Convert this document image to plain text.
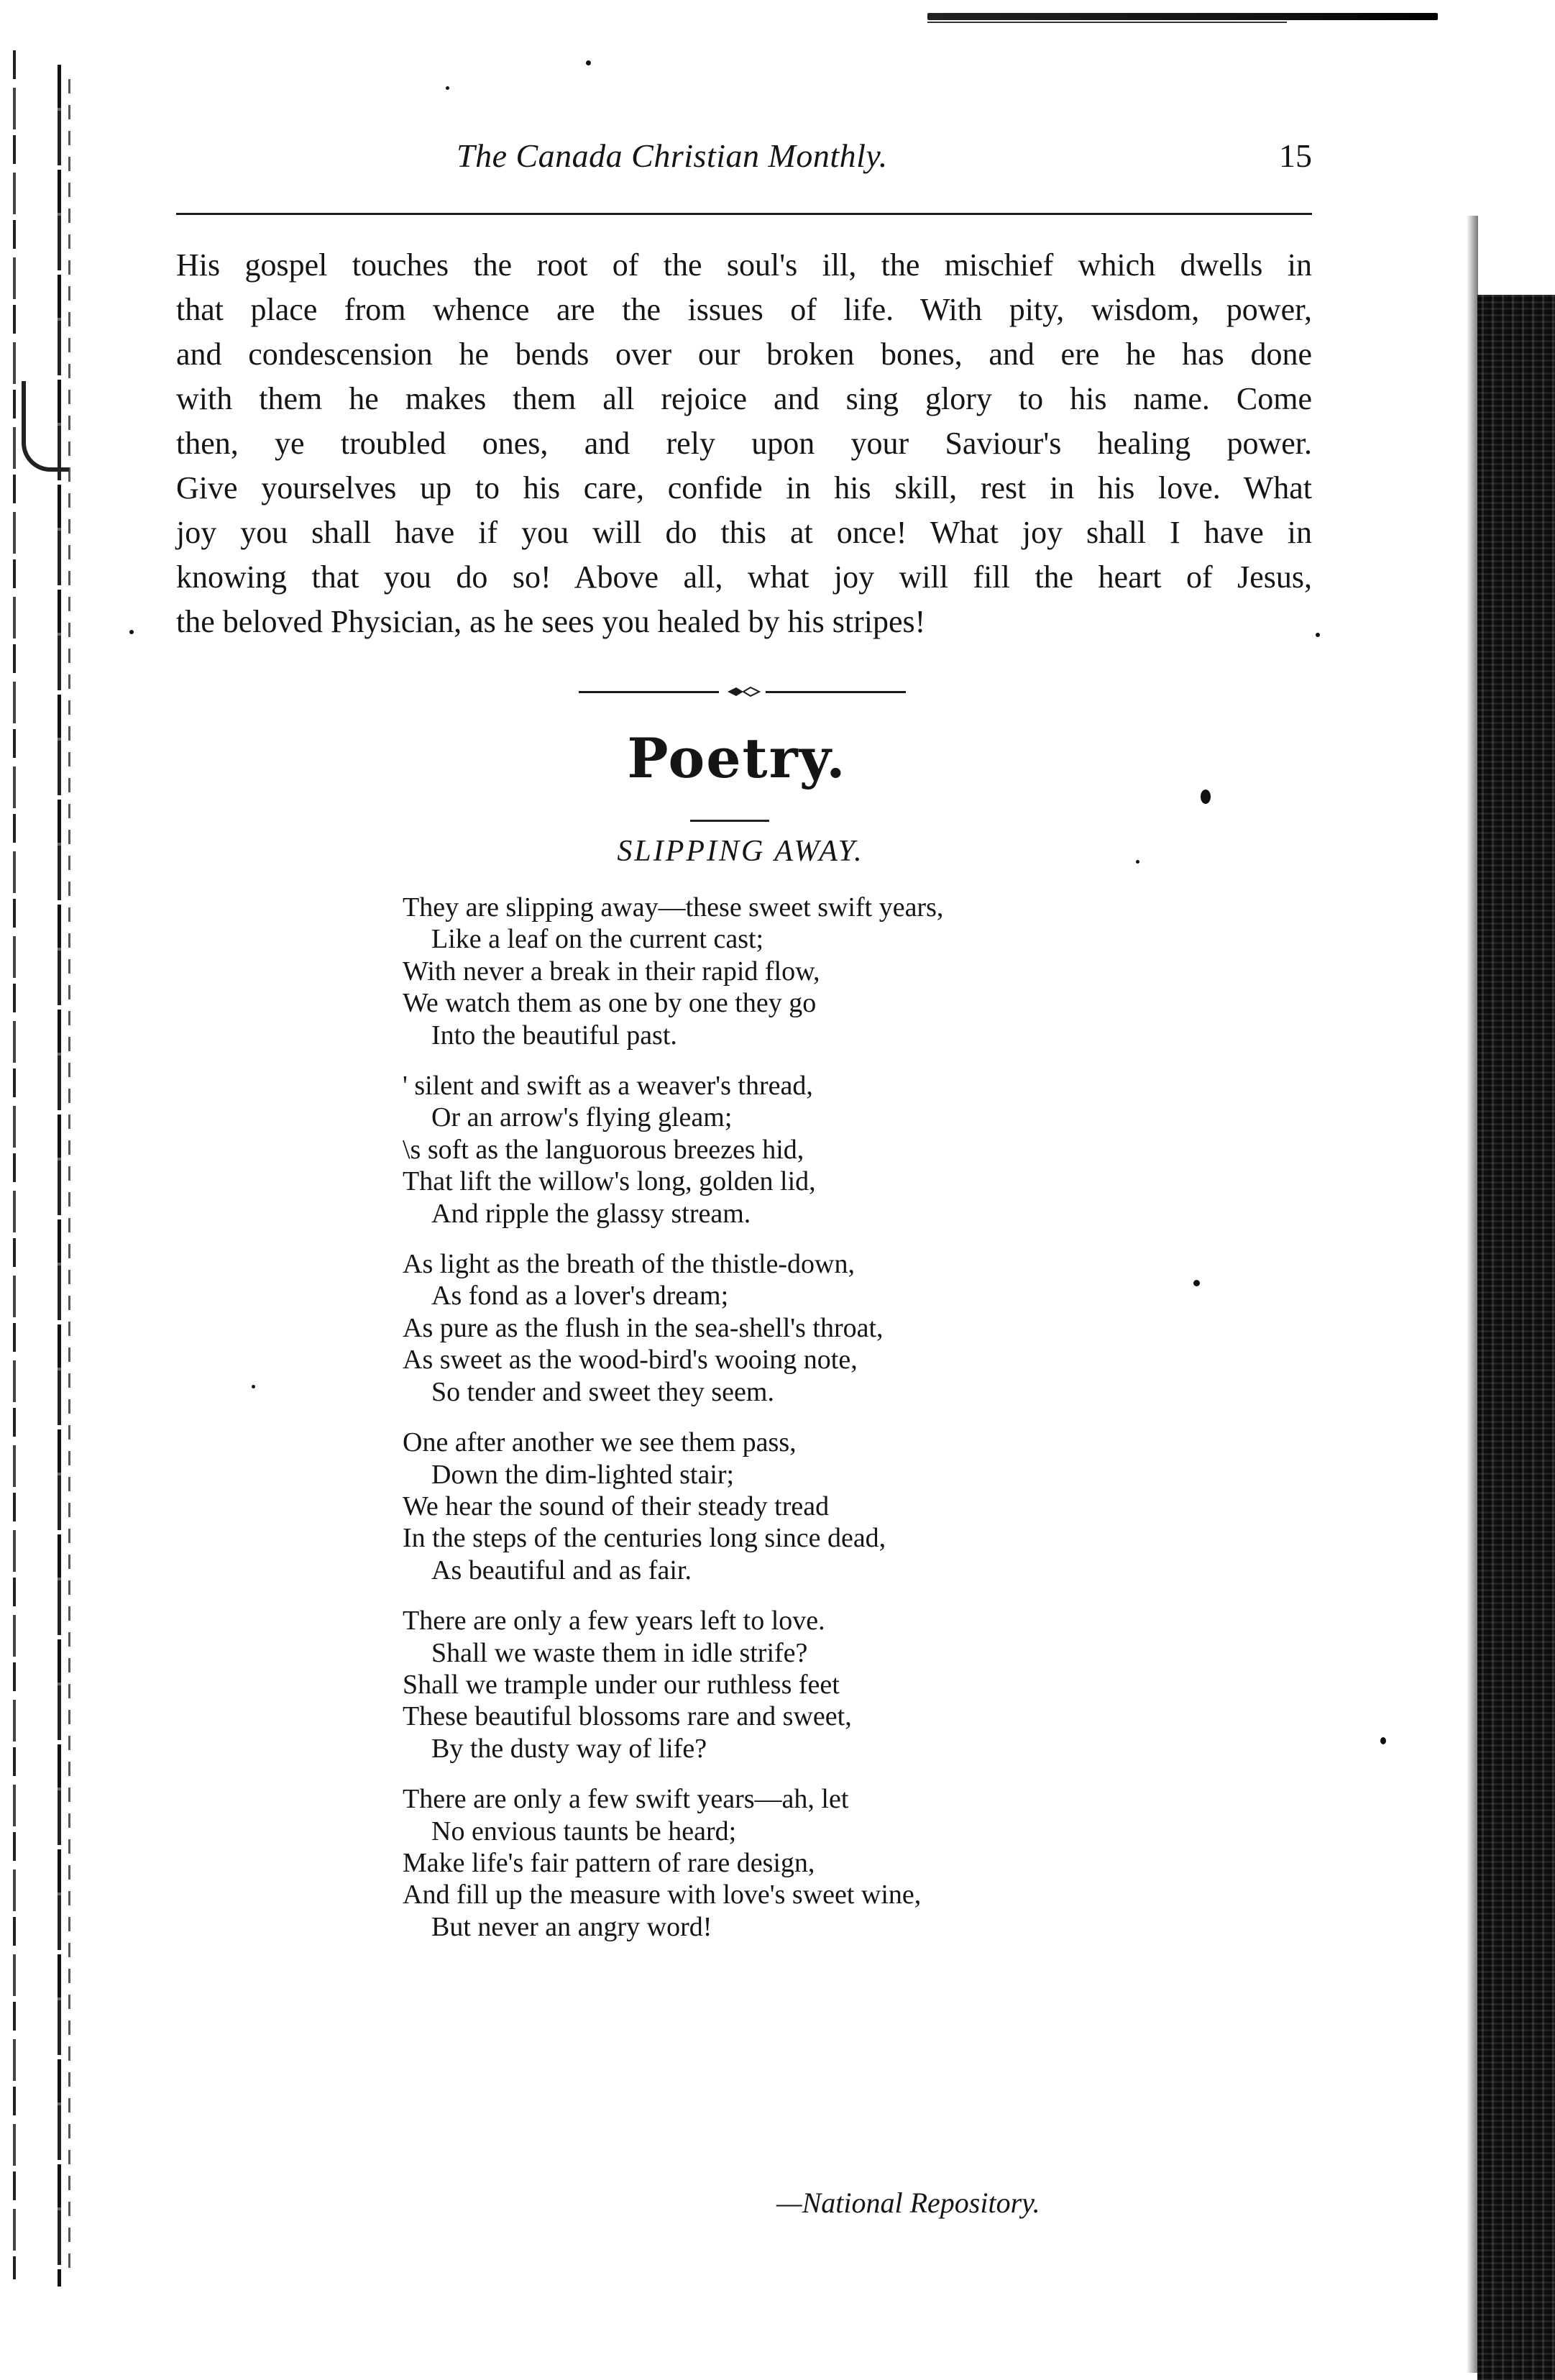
The Canada Christian Monthly.	15

His gospel touches the root of the soul's ill, the mischief which dwells in
that place from whence are the issues of life. With pity, wisdom, power,
and condescension he bends over our broken bones, and ere he has done
with them he makes them all rejoice and sing glory to his name. Come
then, ye troubled ones, and rely upon your Saviour's healing power.
Give yourselves up to his care, confide in his skill, rest in his love. What
joy you shall have if you will do this at once! What joy shall I have in
knowing that you do so! Above all, what joy will fill the heart of Jesus,
the beloved Physician, as he sees you healed by his stripes!

Poetry.
SLIPPING AWAY.
They are slipping away—these sweet swift years,
Like a leaf on the current cast;
With never a break in their rapid flow,
We watch them as one by one they go
Into the beautiful past.
' silent and swift as a weaver's thread,
Or an arrow's flying gleam;
\s soft as the languorous breezes hid,
That lift the willow's long, golden lid,
And ripple the glassy stream.
As light as the breath of the thistle-down,
As fond as a lover's dream;
As pure as the flush in the sea-shell's throat,
As sweet as the wood-bird's wooing note,
So tender and sweet they seem.
One after another we see them pass,
Down the dim-lighted stair;
We hear the sound of their steady tread
In the steps of the centuries long since dead,
As beautiful and as fair.
There are only a few years left to love.
Shall we waste them in idle strife?
Shall we trample under our ruthless feet
These beautiful blossoms rare and sweet,
By the dusty way of life?
There are only a few swift years—ah, let
No envious taunts be heard;
Make life's fair pattern of rare design,
And fill up the measure with love's sweet wine,
But never an angry word!
—National Repository.
